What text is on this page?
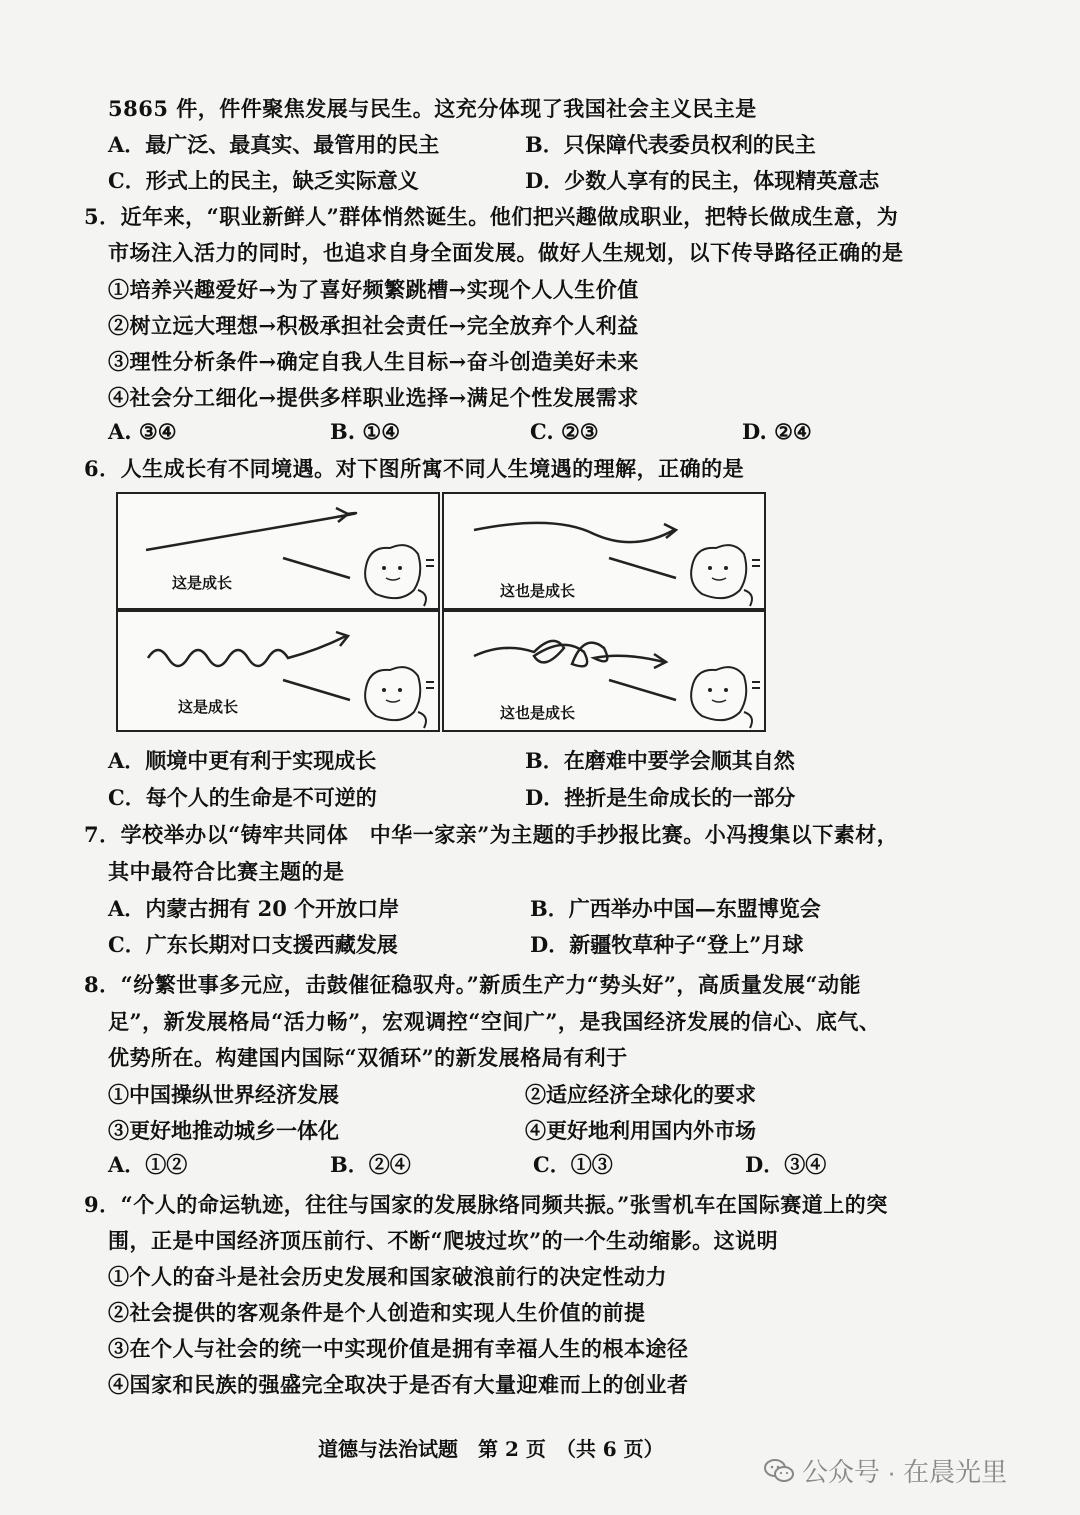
5865 件，件件聚焦发展与民生。这充分体现了我国社会主义民主是
A．最广泛、最真实、最管用的民主	B．只保障代表委员权利的民主
C．形式上的民主，缺乏实际意义	D．少数人享有的民主，体现精英意志
5．近年来，“职业新鲜人”群体悄然诞生。他们把兴趣做成职业，把特长做成生意，为
市场注入活力的同时，也追求自身全面发展。做好人生规划，以下传导路径正确的是
①培养兴趣爱好→为了喜好频繁跳槽→实现个人人生价值
②树立远大理想→积极承担社会责任→完全放弃个人利益
③理性分析条件→确定自我人生目标→奋斗创造美好未来
④社会分工细化→提供多样职业选择→满足个性发展需求
A. ③④	B. ①④	C. ②③	D. ②④
6．人生成长有不同境遇。对下图所寓不同人生境遇的理解，正确的是
这是成长	这也是成长
这是成长	这也是成长
A．顺境中更有利于实现成长	B．在磨难中要学会顺其自然
C．每个人的生命是不可逆的	D．挫折是生命成长的一部分
7．学校举办以“铸牢共同体　中华一家亲”为主题的手抄报比赛。小冯搜集以下素材，
其中最符合比赛主题的是
A．内蒙古拥有 20 个开放口岸	B．广西举办中国—东盟博览会
C．广东长期对口支援西藏发展	D．新疆牧草种子“登上”月球
8．“纷繁世事多元应，击鼓催征稳驭舟。”新质生产力“势头好”，高质量发展“动能
足”，新发展格局“活力畅”，宏观调控“空间广”，是我国经济发展的信心、底气、
优势所在。构建国内国际“双循环”的新发展格局有利于
①中国操纵世界经济发展	②适应经济全球化的要求
③更好地推动城乡一体化	④更好地利用国内外市场
A．①②	B．②④	C．①③	D．③④
9．“个人的命运轨迹，往往与国家的发展脉络同频共振。”张雪机车在国际赛道上的突
围，正是中国经济顶压前行、不断“爬坡过坎”的一个生动缩影。这说明
①个人的奋斗是社会历史发展和国家破浪前行的决定性动力
②社会提供的客观条件是个人创造和实现人生价值的前提
③在个人与社会的统一中实现价值是拥有幸福人生的根本途径
④国家和民族的强盛完全取决于是否有大量迎难而上的创业者
道德与法治试题　第 2 页　（共 6 页）
公众号 · 在晨光里
